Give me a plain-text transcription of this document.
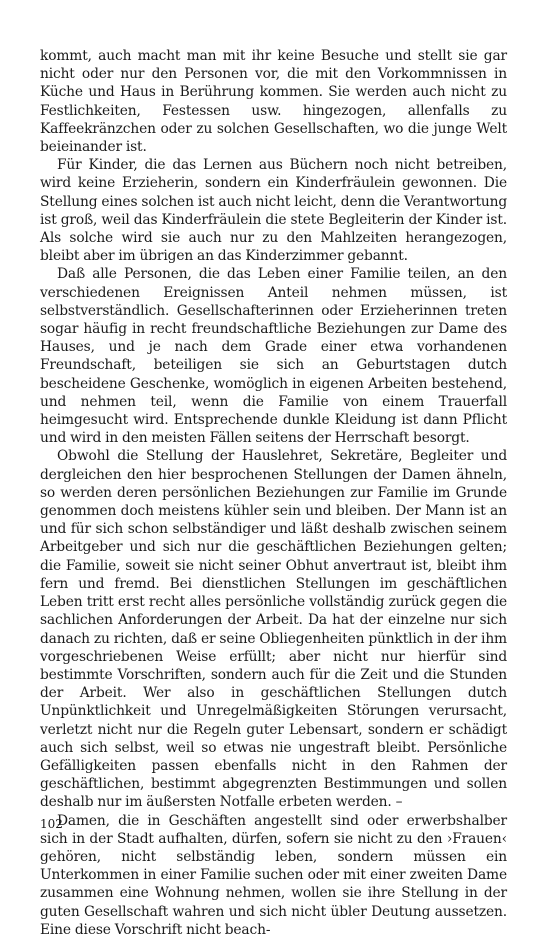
kommt, auch macht man mit ihr keine Besuche und stellt sie gar nicht oder nur den Personen vor, die mit den Vorkommnissen in Küche und Haus in Berührung kommen. Sie werden auch nicht zu Festlichkeiten, Festessen usw. hingezogen, allenfalls zu Kaffeekränzchen oder zu solchen Gesellschaften, wo die junge Welt beieinander ist.

Für Kinder, die das Lernen aus Büchern noch nicht betreiben, wird keine Erzieherin, sondern ein Kinderfräulein gewonnen. Die Stellung eines solchen ist auch nicht leicht, denn die Verantwortung ist groß, weil das Kinderfräulein die stete Begleiterin der Kinder ist. Als solche wird sie auch nur zu den Mahlzeiten herangezogen, bleibt aber im übrigen an das Kinderzimmer gebannt.

Daß alle Personen, die das Leben einer Familie teilen, an den verschiedenen Ereignissen Anteil nehmen müssen, ist selbstverständlich. Gesellschafterinnen oder Erzieherinnen treten sogar häufig in recht freundschaftliche Beziehungen zur Dame des Hauses, und je nach dem Grade einer etwa vorhandenen Freundschaft, beteiligen sie sich an Geburtstagen dutch bescheidene Geschenke, womöglich in eigenen Arbeiten bestehend, und nehmen teil, wenn die Familie von einem Trauerfall heimgesucht wird. Entsprechende dunkle Kleidung ist dann Pflicht und wird in den meisten Fällen seitens der Herrschaft besorgt.

Obwohl die Stellung der Hauslehret, Sekretäre, Begleiter und dergleichen den hier besprochenen Stellungen der Damen ähneln, so werden deren persönlichen Beziehungen zur Familie im Grunde genommen doch meistens kühler sein und bleiben. Der Mann ist an und für sich schon selbständiger und läßt deshalb zwischen seinem Arbeitgeber und sich nur die geschäftlichen Beziehungen gelten; die Familie, soweit sie nicht seiner Obhut anvertraut ist, bleibt ihm fern und fremd. Bei dienstlichen Stellungen im geschäftlichen Leben tritt erst recht alles persönliche vollständig zurück gegen die sachlichen Anforderungen der Arbeit. Da hat der einzelne nur sich danach zu richten, daß er seine Obliegenheiten pünktlich in der ihm vorgeschriebenen Weise erfüllt; aber nicht nur hierfür sind bestimmte Vorschriften, sondern auch für die Zeit und die Stunden der Arbeit. Wer also in geschäftlichen Stellungen dutch Unpünktlichkeit und Unregelmäßigkeiten Störungen verursacht, verletzt nicht nur die Regeln guter Lebensart, sondern er schädigt auch sich selbst, weil so etwas nie ungestraft bleibt. Persönliche Gefälligkeiten passen ebenfalls nicht in den Rahmen der geschäftlichen, bestimmt abgegrenzten Bestimmungen und sollen deshalb nur im äußersten Notfalle erbeten werden. –

Damen, die in Geschäften angestellt sind oder erwerbshalber sich in der Stadt aufhalten, dürfen, sofern sie nicht zu den ›Frauen‹ gehören, nicht selbständig leben, sondern müssen ein Unterkommen in einer Familie suchen oder mit einer zweiten Dame zusammen eine Wohnung nehmen, wollen sie ihre Stellung in der guten Gesellschaft wahren und sich nicht übler Deutung aussetzen. Eine diese Vorschrift nicht beach-

102
